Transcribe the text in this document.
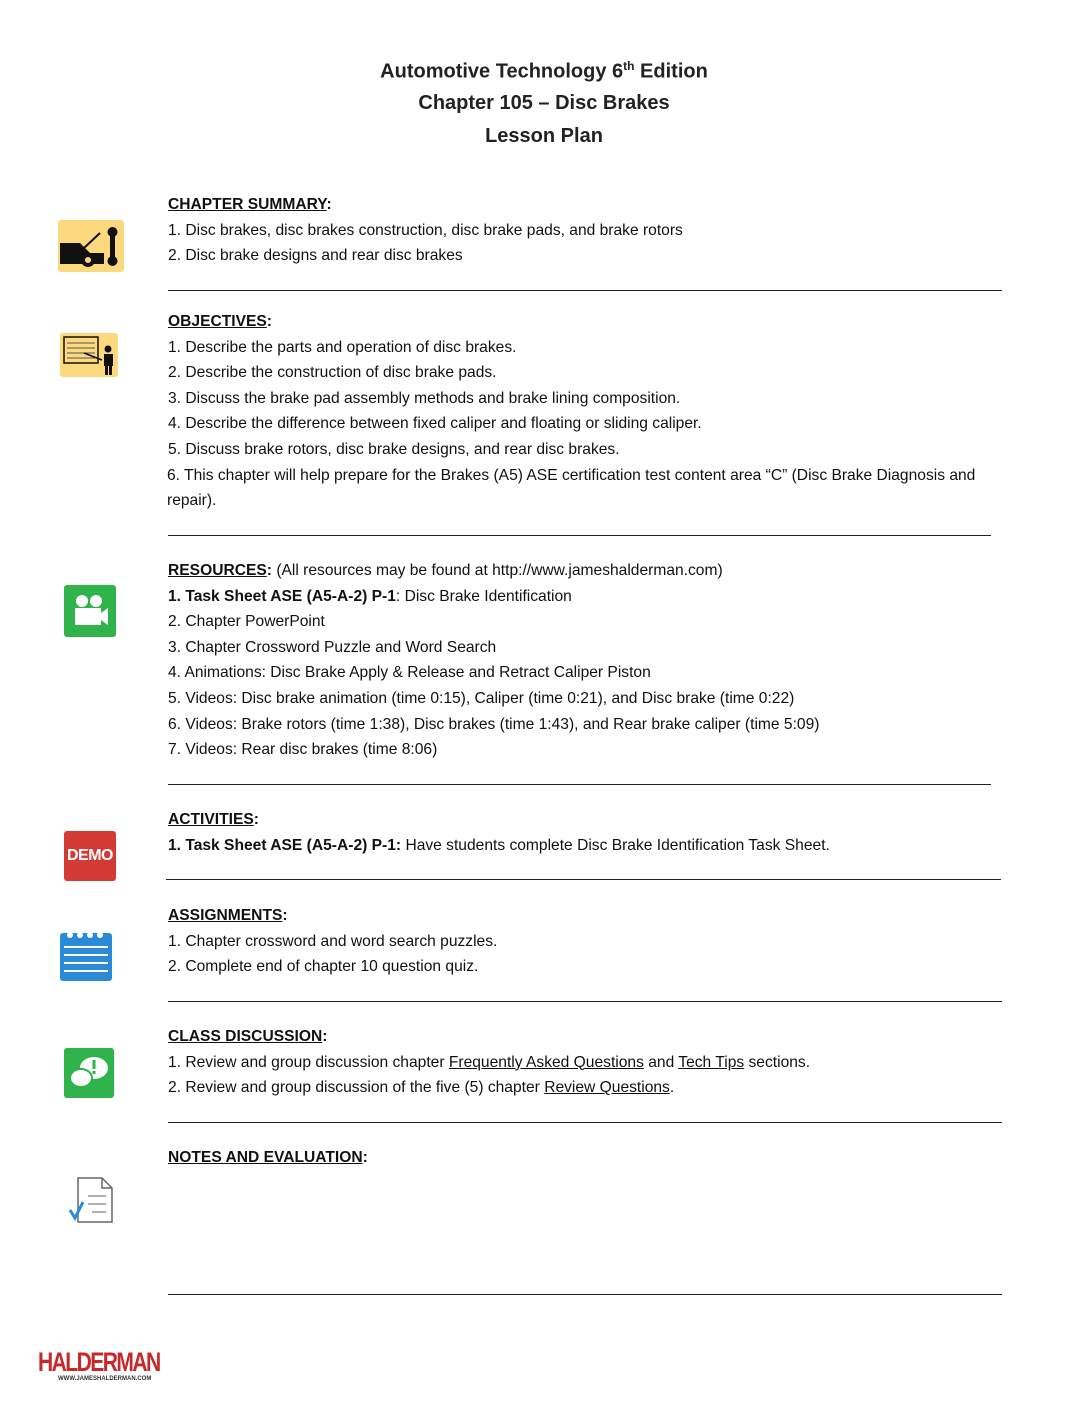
Automotive Technology 6th Edition
Chapter 105 – Disc Brakes
Lesson Plan
CHAPTER SUMMARY:
1. Disc brakes, disc brakes construction, disc brake pads, and brake rotors
2. Disc brake designs and rear disc brakes
OBJECTIVES:
1. Describe the parts and operation of disc brakes.
2. Describe the construction of disc brake pads.
3. Discuss the brake pad assembly methods and brake lining composition.
4. Describe the difference between fixed caliper and floating or sliding caliper.
5. Discuss brake rotors, disc brake designs, and rear disc brakes.
6. This chapter will help prepare for the Brakes (A5) ASE certification test content area “C” (Disc Brake Diagnosis and repair).
RESOURCES: (All resources may be found at http://www.jameshalderman.com)
1. Task Sheet ASE (A5-A-2) P-1: Disc Brake Identification
2. Chapter PowerPoint
3. Chapter Crossword Puzzle and Word Search
4. Animations: Disc Brake Apply & Release and Retract Caliper Piston
5. Videos: Disc brake animation (time 0:15), Caliper (time 0:21), and Disc brake (time 0:22)
6. Videos: Brake rotors (time 1:38), Disc brakes (time 1:43), and Rear brake caliper (time 5:09)
7. Videos: Rear disc brakes (time 8:06)
DEMO
ACTIVITIES:
1. Task Sheet ASE (A5-A-2) P-1: Have students complete Disc Brake Identification Task Sheet.
ASSIGNMENTS:
1. Chapter crossword and word search puzzles.
2. Complete end of chapter 10 question quiz.
CLASS DISCUSSION:
1. Review and group discussion chapter Frequently Asked Questions and Tech Tips sections.
2. Review and group discussion of the five (5) chapter Review Questions.
NOTES AND EVALUATION:
HALDERMAN
WWW.JAMESHALDERMAN.COM
